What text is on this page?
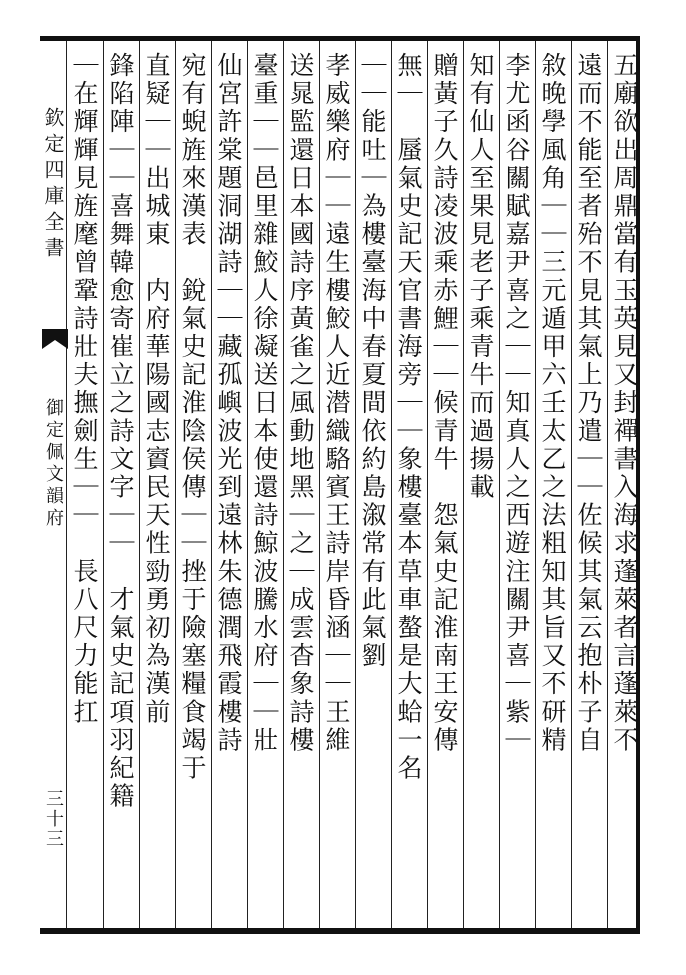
欽定四庫全書
御定佩文韻府
三十三
五廟欲出周鼎當有玉英見又封禪書入海求蓬萊者言蓬萊不
遠而不能至者殆不見其氣上乃遣｜｜佐候其氣云抱朴子自
敘晚學風角｜｜三元遁甲六壬太乙之法粗知其旨又不研精
李尤函谷關賦嘉尹喜之｜｜知真人之西遊注關尹喜｜紫｜
知有仙人至果見老子乘青牛而過揚載
贈黃子久詩凌波乘赤鯉｜｜候青牛　怨氣史記淮南王安傳
無｜　蜃氣史記天官書海旁｜｜象樓臺本草車螯是大蛤一名
｜｜能吐｜為樓臺海中春夏間依約島溆常有此氣劉
孝威樂府｜｜遠生樓鮫人近潜織駱賓王詩岸昏涵｜｜王維
送晁監還日本國詩序黃雀之風動地黑｜之｜成雲杳象詩樓
臺重｜｜邑里雜鮫人徐凝送日本使還詩鯨波騰水府｜｜壯
仙宮許棠題洞湖詩｜｜藏孤嶼波光到遠林朱德潤飛霞樓詩
宛有蜺旌來漢表　銳氣史記淮陰侯傳｜｜挫于險塞糧食竭于
直疑｜｜出城東　内府華陽國志賨民天性勁勇初為漢前
鋒陷陣｜｜喜舞韓愈寄崔立之詩文字｜｜　才氣史記項羽紀籍
｜在輝輝見旌麾曾鞏詩壯夫撫劍生｜｜　長八尺力能扛
